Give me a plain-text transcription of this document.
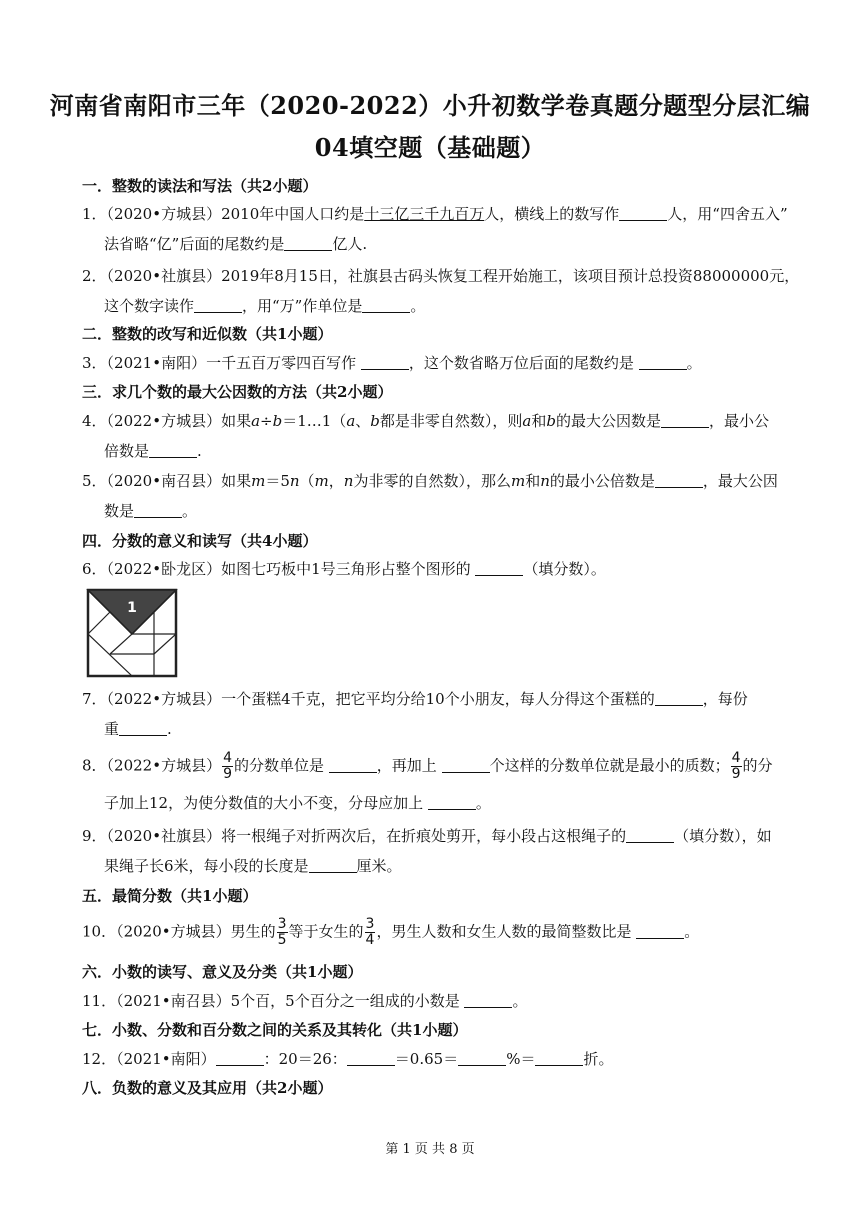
河南省南阳市三年（2020-2022）小升初数学卷真题分题型分层汇编
04填空题（基础题）
一．整数的读法和写法（共2小题）
1．（2020•方城县）2010年中国人口约是十三亿三千九百万人，横线上的数写作	人，用“四舍五入”
法省略“亿”后面的尾数约是	亿人.
2．（2020•社旗县）2019年8月15日，社旗县古码头恢复工程开始施工，该项目预计总投资88000000元，
这个数字读作	，用“万”作单位是	。
二．整数的改写和近似数（共1小题）
3．（2021•南阳）一千五百万零四百写作	，这个数省略万位后面的尾数约是	。
三．求几个数的最大公因数的方法（共2小题）
4．（2022•方城县）如果a÷b＝1…1（a、b都是非零自然数），则a和b的最大公因数是	，最小公
倍数是	.
5．（2020•南召县）如果m＝5n（m，n为非零的自然数），那么m和n的最小公倍数是	，最大公因
数是	。
四．分数的意义和读写（共4小题）
6．（2022•卧龙区）如图七巧板中1号三角形占整个图形的	（填分数）。
1
7．（2022•方城县）一个蛋糕4千克，把它平均分给10个小朋友，每人分得这个蛋糕的	，每份
重	.
8．（2022•方城县） $\frac{4}{9}$ 的分数单位是	，再加上	个这样的分数单位就是最小的质数； $\frac{4}{9}$ 的分
子加上12，为使分数值的大小不变，分母应加上	。
9．（2020•社旗县）将一根绳子对折两次后，在折痕处剪开，每小段占这根绳子的	（填分数），如
果绳子长6米，每小段的长度是	厘米。
五．最简分数（共1小题）
10．（2020•方城县）男生的 $\frac{3}{5}$ 等于女生的 $\frac{3}{4}$ ，男生人数和女生人数的最简整数比是	。
六．小数的读写、意义及分类（共1小题）
11．（2021•南召县）5个百，5个百分之一组成的小数是	。
七．小数、分数和百分数之间的关系及其转化（共1小题）
12．（2021•南阳）	：20＝26：	＝0.65＝	%＝	折。
八．负数的意义及其应用（共2小题）
第 1 页 共 8 页
